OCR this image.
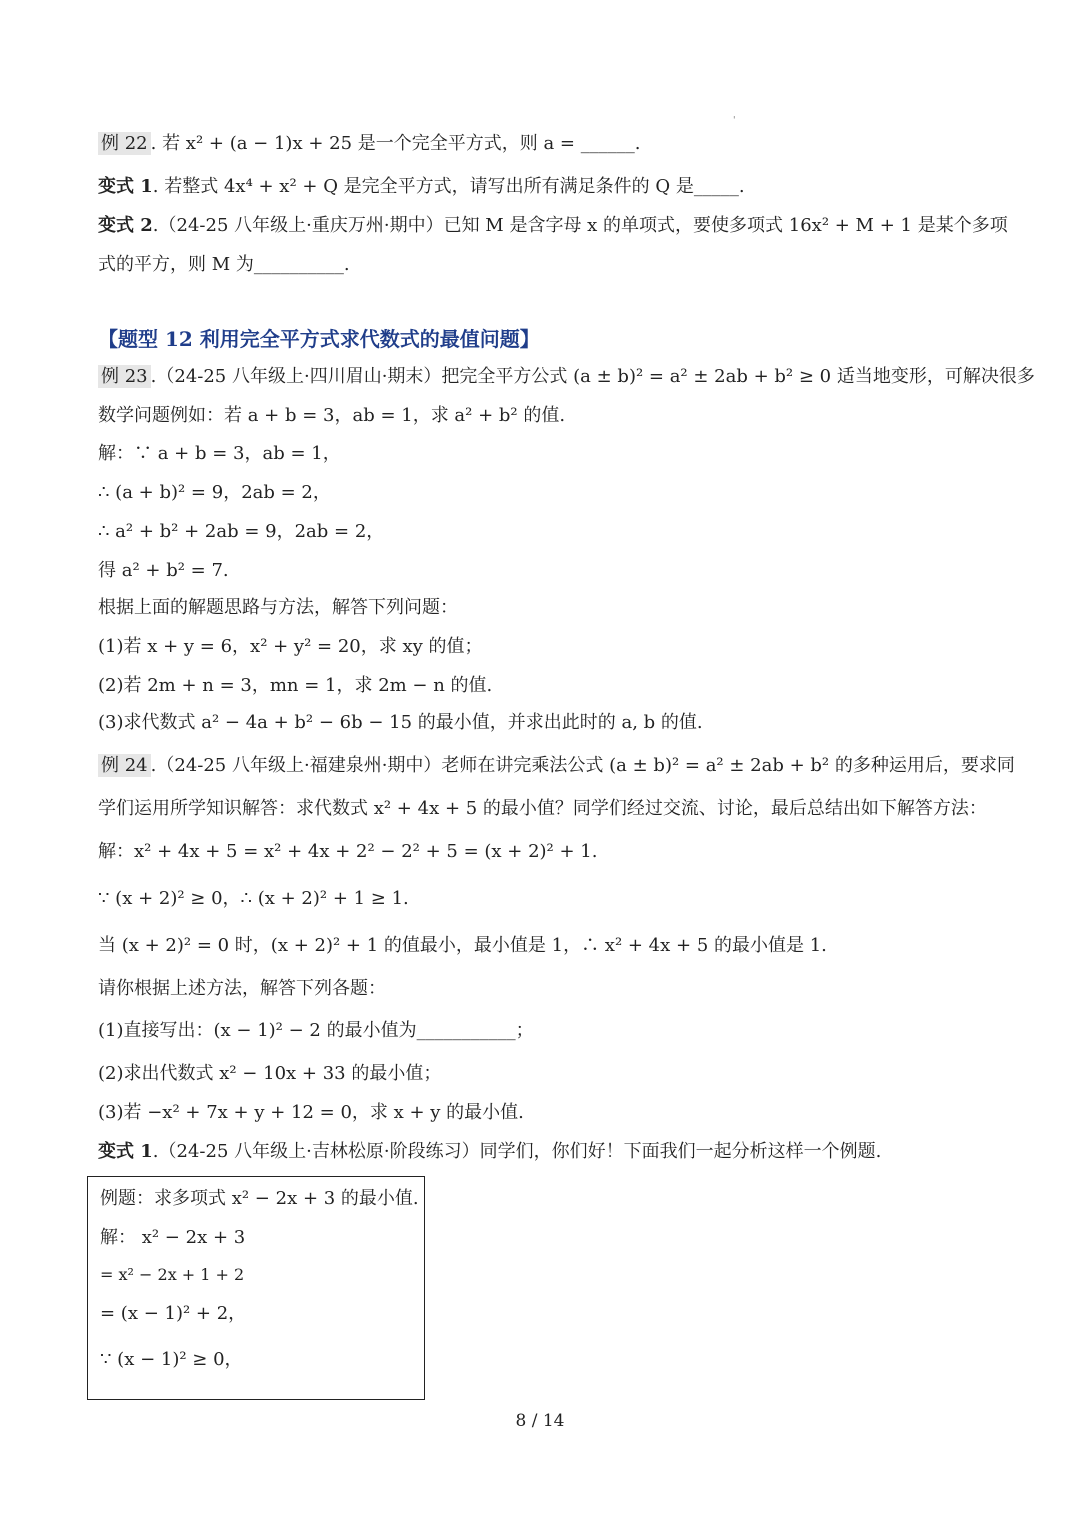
'
例 22 . 若 x² + (a − 1)x + 25 是一个完全平方式，则 a = ______.
变式 1. 若整式 4x⁴ + x² + Q 是完全平方式，请写出所有满足条件的 Q 是_____.
变式 2.（24-25 八年级上·重庆万州·期中）已知 M 是含字母 x 的单项式，要使多项式 16x² + M + 1 是某个多项
式的平方，则 M 为__________.
【题型 12 利用完全平方式求代数式的最值问题】
例 23 .（24-25 八年级上·四川眉山·期末）把完全平方公式 (a ± b)² = a² ± 2ab + b² ≥ 0 适当地变形，可解决很多
数学问题例如：若 a + b = 3，ab = 1，求 a² + b² 的值.
解：∵ a + b = 3，ab = 1，
∴ (a + b)² = 9，2ab = 2，
∴ a² + b² + 2ab = 9，2ab = 2，
得 a² + b² = 7.
根据上面的解题思路与方法，解答下列问题：
(1)若 x + y = 6，x² + y² = 20，求 xy 的值；
(2)若 2m + n = 3，mn = 1，求 2m − n 的值.
(3)求代数式 a² − 4a + b² − 6b − 15 的最小值，并求出此时的 a, b 的值.
例 24 .（24-25 八年级上·福建泉州·期中）老师在讲完乘法公式 (a ± b)² = a² ± 2ab + b² 的多种运用后，要求同
学们运用所学知识解答：求代数式 x² + 4x + 5 的最小值？同学们经过交流、讨论，最后总结出如下解答方法：
解：x² + 4x + 5 = x² + 4x + 2² − 2² + 5 = (x + 2)² + 1.
∵ (x + 2)² ≥ 0，∴ (x + 2)² + 1 ≥ 1.
当 (x + 2)² = 0 时，(x + 2)² + 1 的值最小，最小值是 1，∴ x² + 4x + 5 的最小值是 1.
请你根据上述方法，解答下列各题：
(1)直接写出：(x − 1)² − 2 的最小值为___________；
(2)求出代数式 x² − 10x + 33 的最小值；
(3)若 −x² + 7x + y + 12 = 0，求 x + y 的最小值.
变式 1.（24-25 八年级上·吉林松原·阶段练习）同学们，你们好！下面我们一起分析这样一个例题.
例题：求多项式 x² − 2x + 3 的最小值.
解： x² − 2x + 3
= x² − 2x + 1 + 2
= (x − 1)² + 2，
∵ (x − 1)² ≥ 0，
8 / 14
